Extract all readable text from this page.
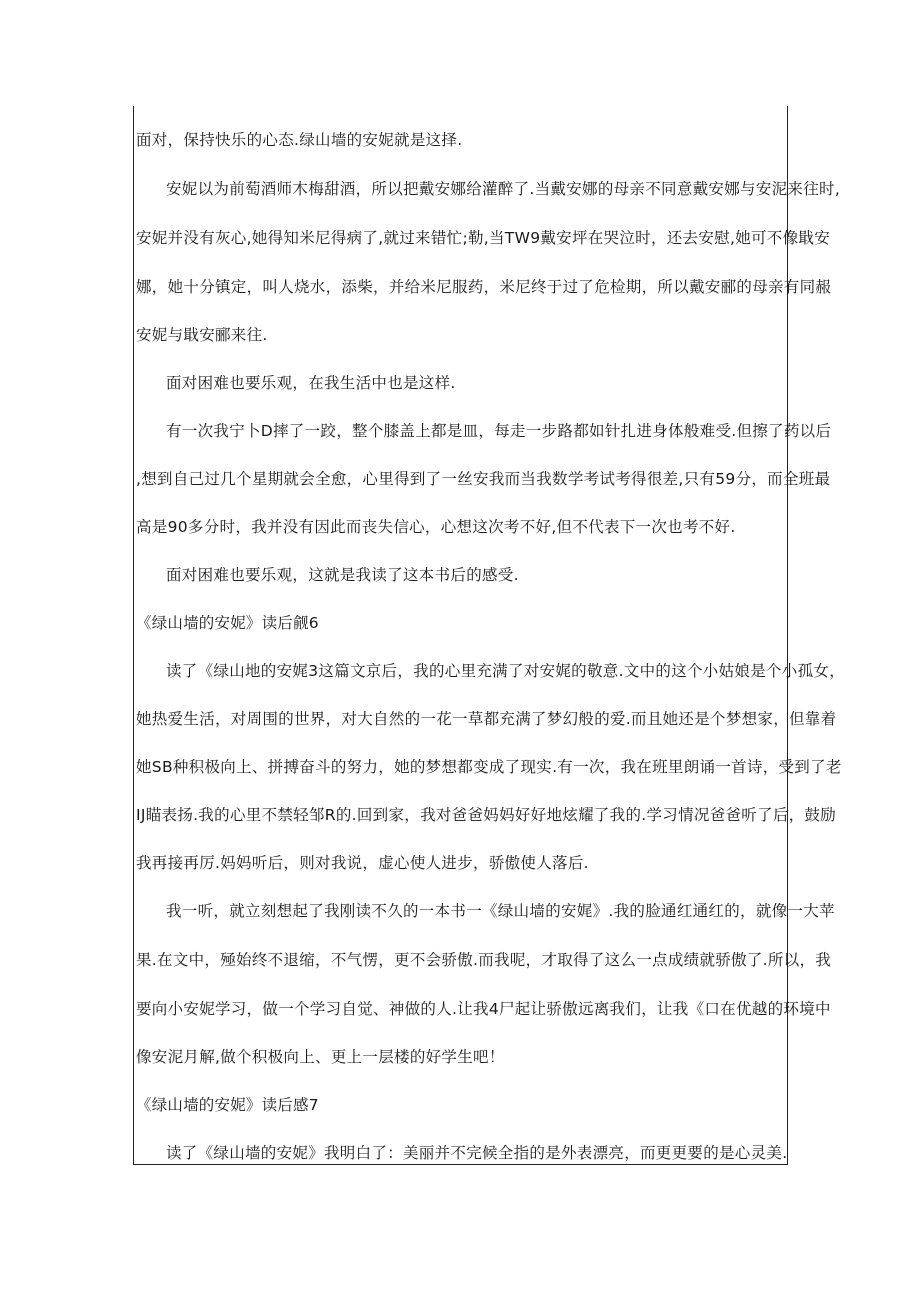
面对，保持快乐的心态.绿山墙的安妮就是这择.
安妮以为前萄酒师木梅甜酒，所以把戴安娜给灌醉了.当戴安娜的母亲不同意戴安娜与安泥来往时,
安妮并没有灰心,她得知米尼得病了,就过来错忙;勒,当TW9戴安坪在哭泣时，还去安慰,她可不像戢安
娜，她十分镇定，叫人烧水，添柴，并给米尼服药，米尼终于过了危检期，所以戴安郦的母亲有同赧
安妮与戢安郦来往.
面对困难也要乐观，在我生活中也是这样.
有一次我宁卜D摔了一跤，整个膝盖上都是皿，每走一步路都如针扎进身体般难受.但擦了药以后
,想到自己过几个星期就会全愈，心里得到了一丝安我而当我数学考试考得很差,只有59分，而全班最
高是90多分时，我并没有因此而丧失信心，心想这次考不好,但不代表下一次也考不好.
面对困难也要乐观，这就是我读了这本书后的感受.
《绿山墙的安妮》读后觎6
读了《绿山地的安娓3这篇文京后，我的心里充满了对安娓的敬意.文中的这个小姑娘是个小孤女，
她热爱生活，对周围的世界，对大自然的一花一草都充满了梦幻般的爱.而且她还是个梦想家，但靠着
她SB种积极向上、拼搏奋斗的努力，她的梦想都变成了现实.有一次，我在班里朗诵一首诗，受到了老
IJ瞄表扬.我的心里不禁轻邹R的.回到家，我对爸爸妈妈好好地炫耀了我的.学习情况爸爸听了后，鼓励
我再接再厉.妈妈听后，则对我说，虚心使人进步，骄傲使人落后.
我一听，就立刻想起了我刚读不久的一本书一《绿山墙的安娓》.我的脸通红通红的，就像一大苹
果.在文中，殛始终不退缩，不气愣，更不会骄傲.而我呢，才取得了这么一点成绩就骄傲了.所以，我
要向小安妮学习，做一个学习自觉、神做的人.让我4尸起让骄傲远离我们，让我《口在优越的环境中
像安泥月解,做个积极向上、更上一层楼的好学生吧！
《绿山墙的安妮》读后感7
读了《绿山墙的安妮》我明白了：美丽并不完候全指的是外表漂亮，而更更要的是心灵美.
